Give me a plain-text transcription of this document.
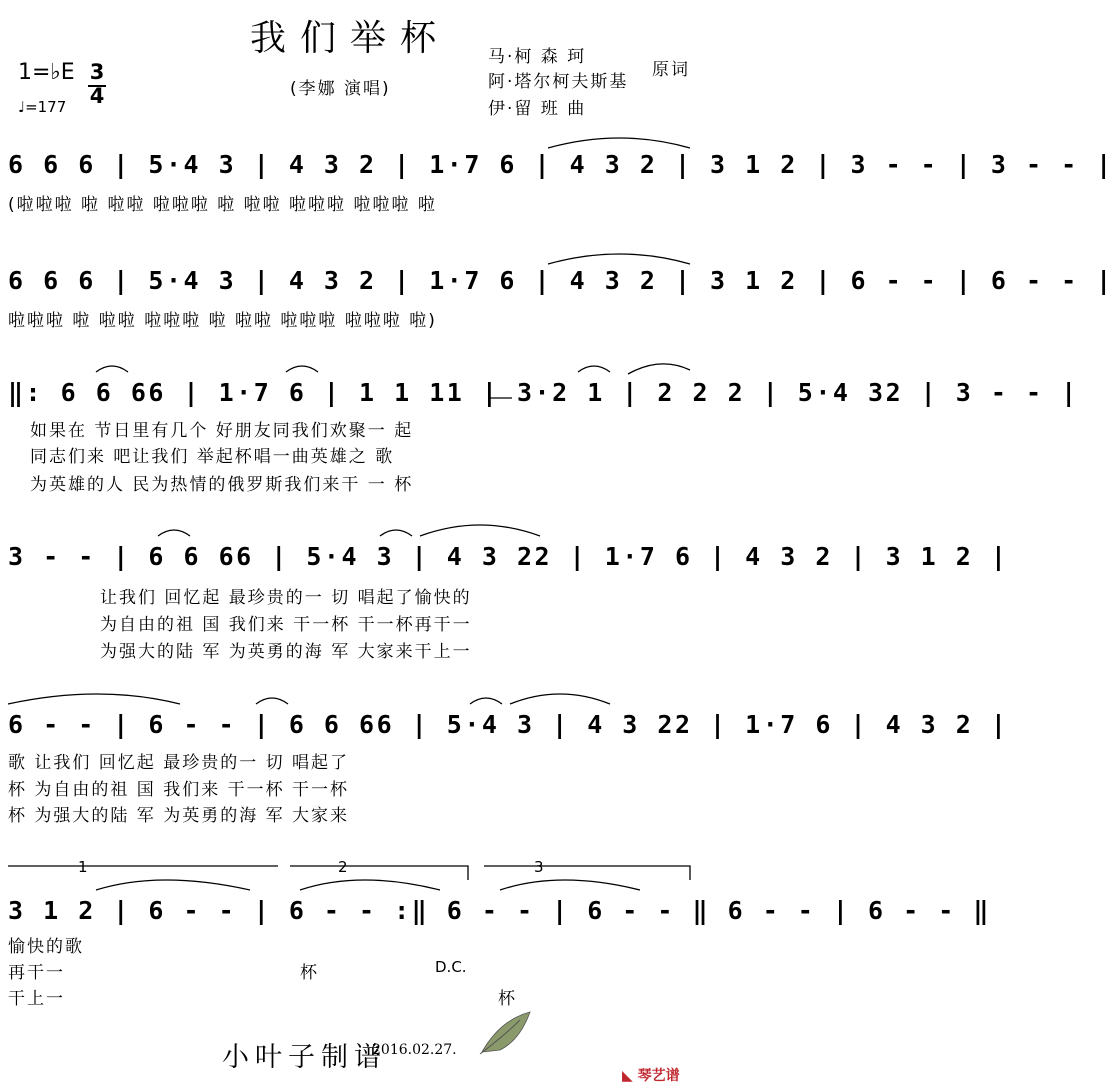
我们举杯
1=♭E 3
4
♩=177
(李娜 演唱)
马·柯 森 珂
阿·塔尔柯夫斯基
原词
伊·留 班 曲
6 6 6 | 5·4 3 | 4 3 2 | 1·7 6 | 4 3 2 | 3 1 2 | 3 - - | 3 - - |
(啦啦啦 啦 啦啦 啦啦啦 啦 啦啦 啦啦啦 啦啦啦 啦
6 6 6 | 5·4 3 | 4 3 2 | 1·7 6 | 4 3 2 | 3 1 2 | 6 - - | 6 - - |
啦啦啦 啦 啦啦 啦啦啦 啦 啦啦 啦啦啦 啦啦啦 啦)
‖: 6 6 66 | 1·7 6 | 1 1 11 | 3·2 1 | 2 2 2 | 5·4 32 | 3 - - |
如果在 节日里有几个 好朋友同我们欢聚一 起
同志们来 吧让我们 举起杯唱一曲英雄之 歌
为英雄的人 民为热情的俄罗斯我们来干 一 杯
3 - - | 6 6 66 | 5·4 3 | 4 3 22 | 1·7 6 | 4 3 2 | 3 1 2 |
让我们 回忆起 最珍贵的一 切 唱起了愉快的
为自由的祖 国 我们来 干一杯 干一杯再干一
为强大的陆 军 为英勇的海 军 大家来干上一
6 - - | 6 - - | 6 6 66 | 5·4 3 | 4 3 22 | 1·7 6 | 4 3 2 |
歌 让我们 回忆起 最珍贵的一 切 唱起了
杯 为自由的祖 国 我们来 干一杯 干一杯
杯 为强大的陆 军 为英勇的海 军 大家来
1	2	3
3 1 2 | 6 - - | 6 - - :‖ 6 - - | 6 - - ‖ 6 - - | 6 - - ‖
愉快的歌
再干一
干上一
杯	D.C.
杯
小叶子制谱
2016.02.27.
◣ 琴艺谱
